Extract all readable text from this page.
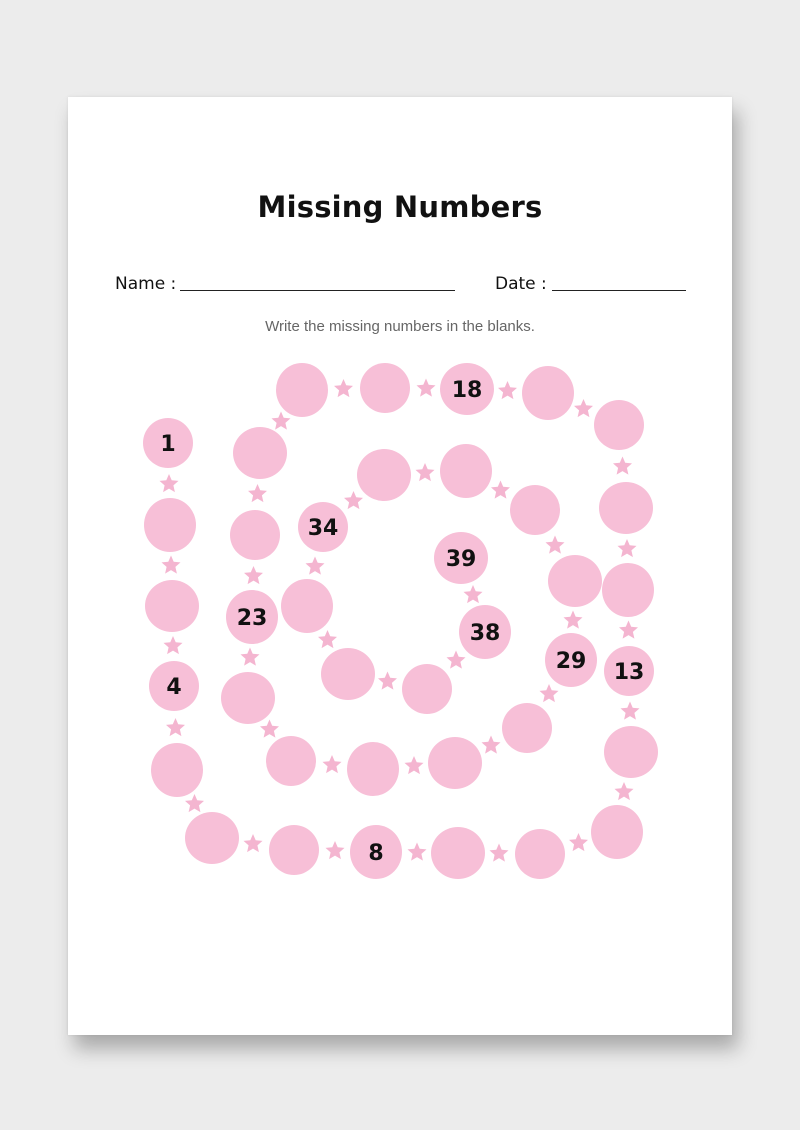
Missing Numbers
Name :	Date :
Write the missing numbers in the blanks.
1
4
8
13
18
23
29
34
38
39
